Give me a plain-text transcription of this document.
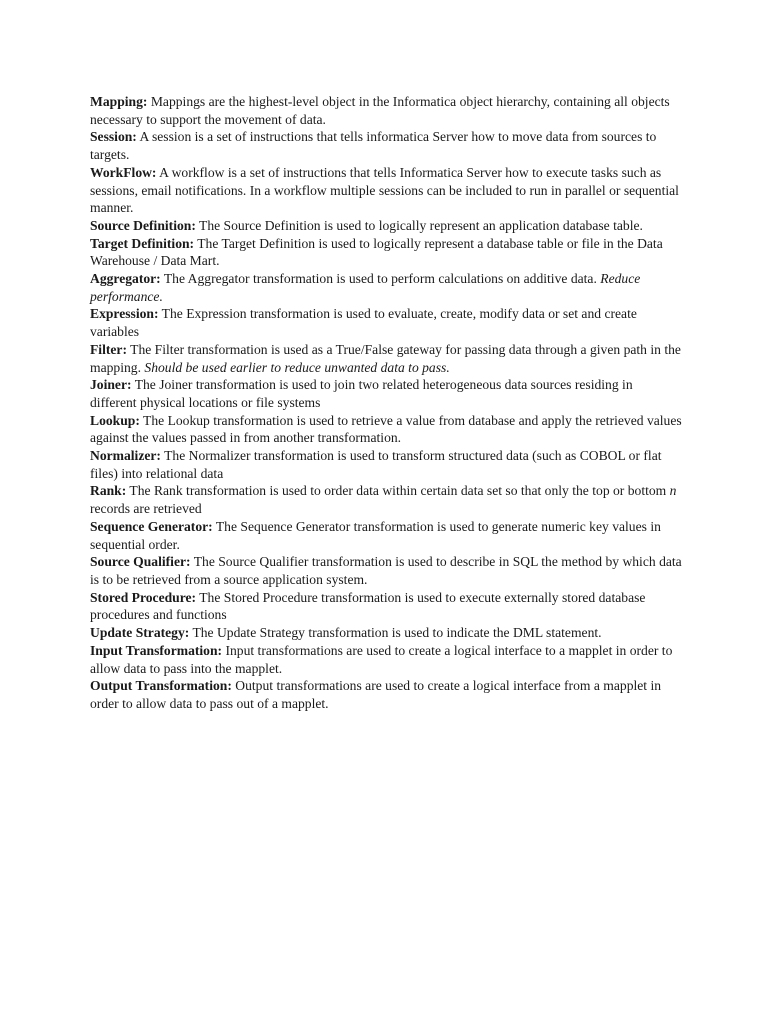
Mapping: Mappings are the highest-level object in the Informatica object hierarchy, containing all objects necessary to support the movement of data.

Session: A session is a set of instructions that tells informatica Server how to move data from sources to targets.

WorkFlow: A workflow is a set of instructions that tells Informatica Server how to execute tasks such as sessions, email notifications. In a workflow multiple sessions can be included to run in parallel or sequential manner.

Source Definition: The Source Definition is used to logically represent an application database table.

Target Definition: The Target Definition is used to logically represent a database table or file in the Data Warehouse / Data Mart.

Aggregator: The Aggregator transformation is used to perform calculations on additive data. Reduce performance.

Expression: The Expression transformation is used to evaluate, create, modify data or set and create variables

Filter: The Filter transformation is used as a True/False gateway for passing data through a given path in the mapping. Should be used earlier to reduce unwanted data to pass.

Joiner: The Joiner transformation is used to join two related heterogeneous data sources residing in different physical locations or file systems

Lookup: The Lookup transformation is used to retrieve a value from database and apply the retrieved values against the values passed in from another transformation.

Normalizer: The Normalizer transformation is used to transform structured data (such as COBOL or flat files) into relational data

Rank: The Rank transformation is used to order data within certain data set so that only the top or bottom n records are retrieved

Sequence Generator: The Sequence Generator transformation is used to generate numeric key values in sequential order.

Source Qualifier: The Source Qualifier transformation is used to describe in SQL the method by which data is to be retrieved from a source application system.

Stored Procedure: The Stored Procedure transformation is used to execute externally stored database procedures and functions

Update Strategy: The Update Strategy transformation is used to indicate the DML statement.

Input Transformation: Input transformations are used to create a logical interface to a mapplet in order to allow data to pass into the mapplet.

Output Transformation: Output transformations are used to create a logical interface from a mapplet in order to allow data to pass out of a mapplet.
